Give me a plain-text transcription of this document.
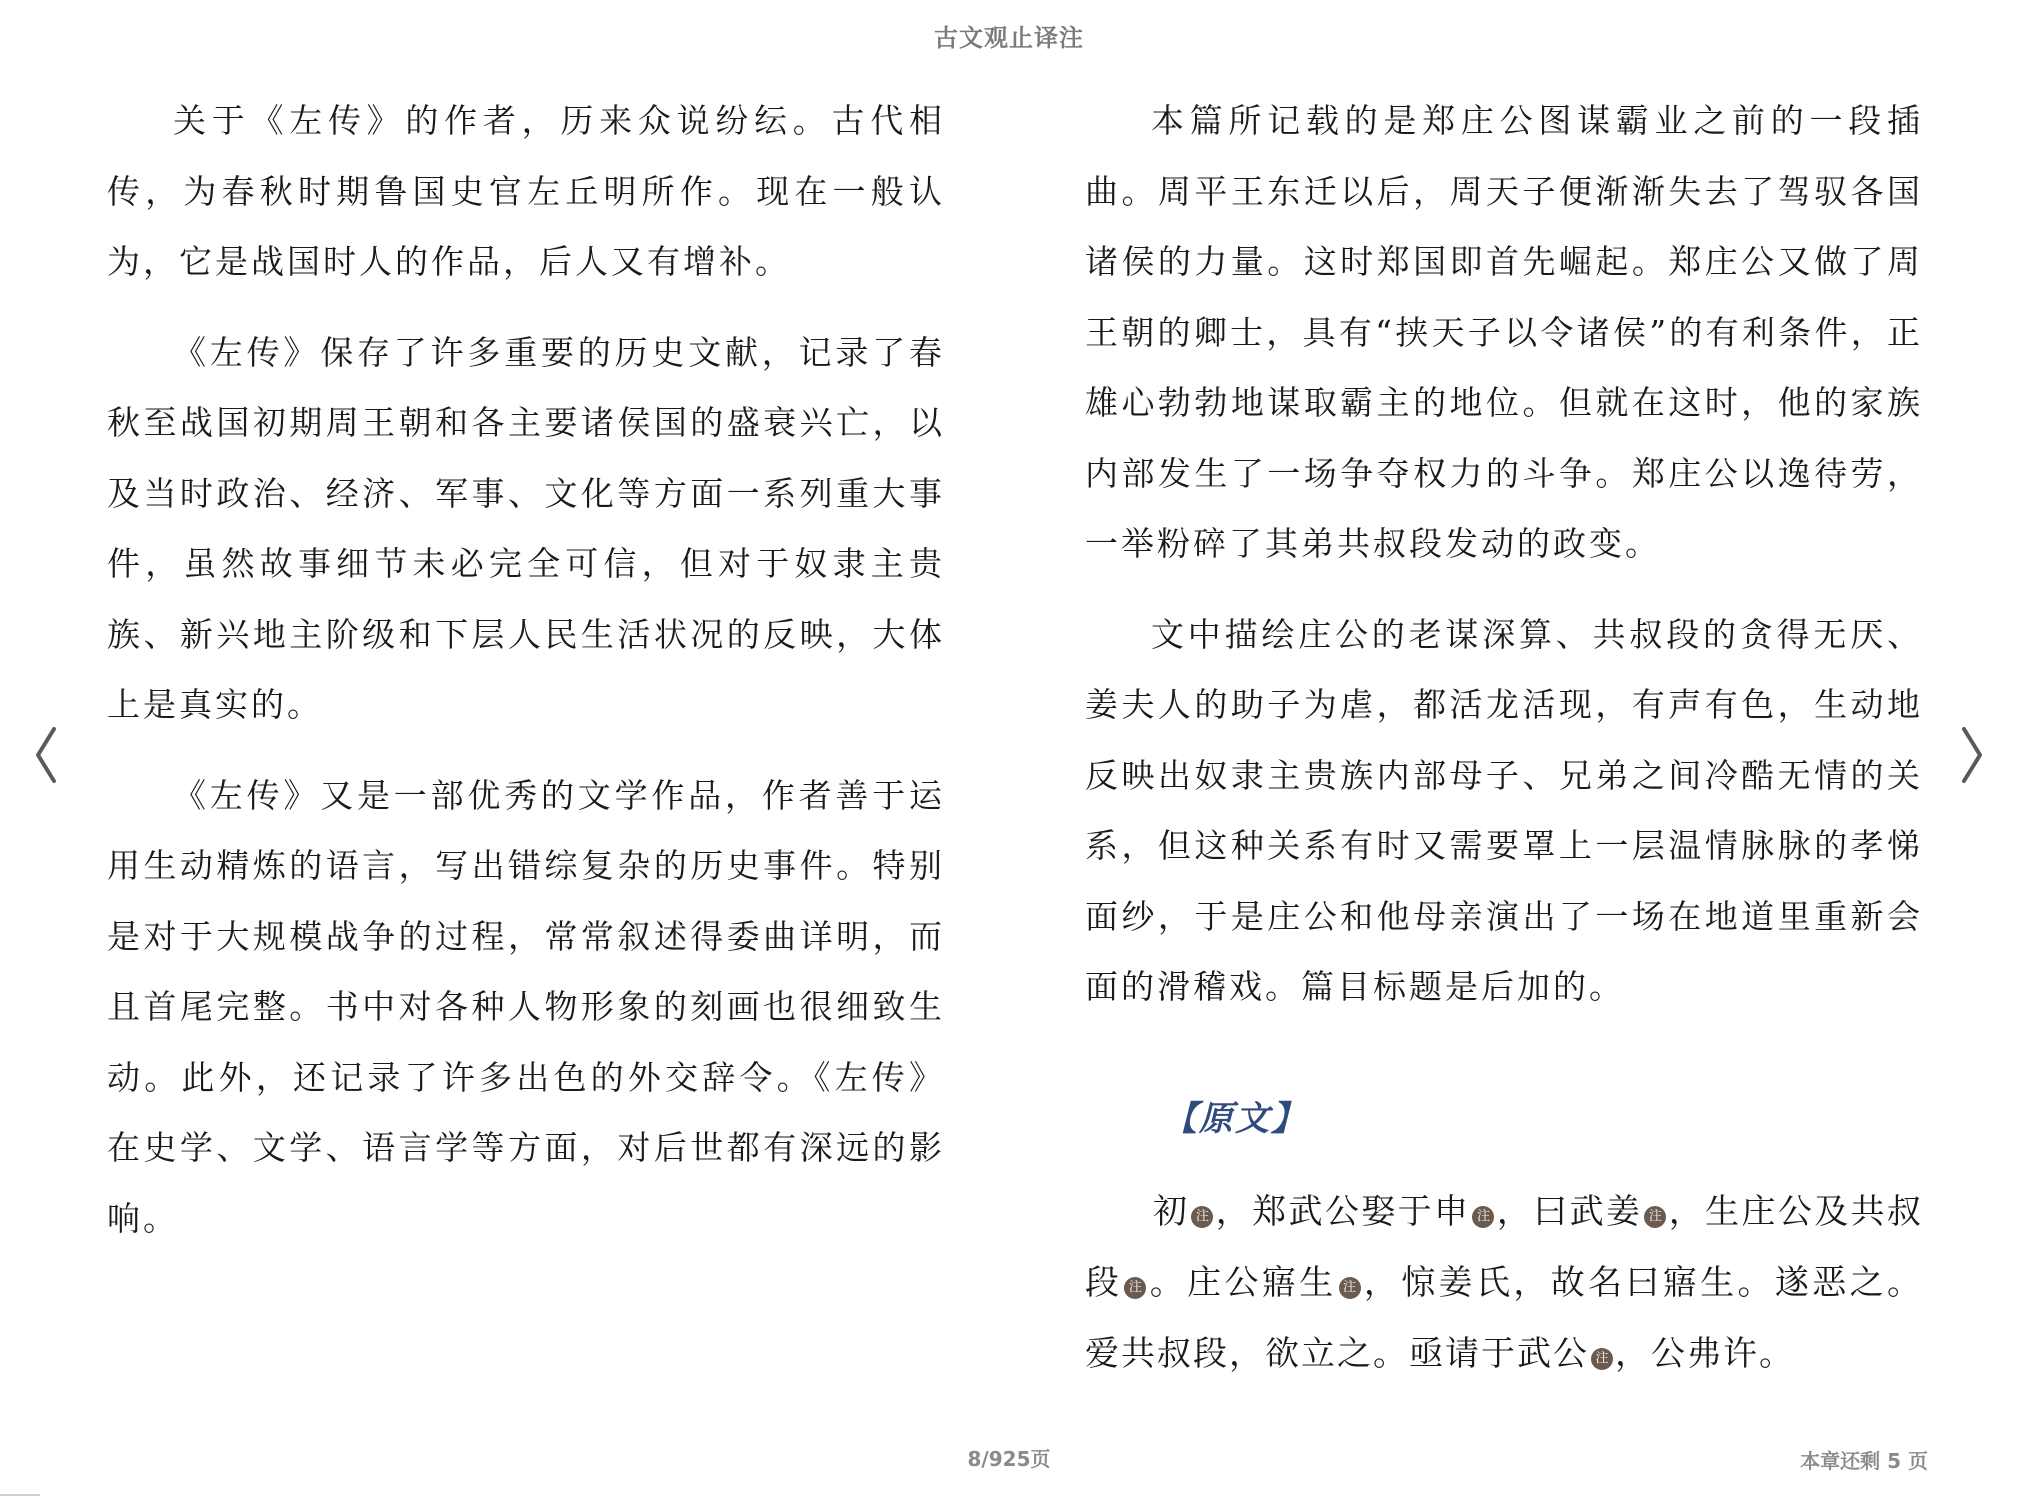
古文观止译注

关于《左传》的作者，历来众说纷纭。古代相传，为春秋时期鲁国史官左丘明所作。现在一般认为，它是战国时人的作品，后人又有增补。

《左传》保存了许多重要的历史文献，记录了春秋至战国初期周王朝和各主要诸侯国的盛衰兴亡，以及当时政治、经济、军事、文化等方面一系列重大事件，虽然故事细节未必完全可信，但对于奴隶主贵族、新兴地主阶级和下层人民生活状况的反映，大体上是真实的。

《左传》又是一部优秀的文学作品，作者善于运用生动精炼的语言，写出错综复杂的历史事件。特别是对于大规模战争的过程，常常叙述得委曲详明，而且首尾完整。书中对各种人物形象的刻画也很细致生动。此外，还记录了许多出色的外交辞令。《左传》在史学、文学、语言学等方面，对后世都有深远的影响。

本篇所记载的是郑庄公图谋霸业之前的一段插曲。周平王东迁以后，周天子便渐渐失去了驾驭各国诸侯的力量。这时郑国即首先崛起。郑庄公又做了周王朝的卿士，具有“挟天子以令诸侯”的有利条件，正雄心勃勃地谋取霸主的地位。但就在这时，他的家族内部发生了一场争夺权力的斗争。郑庄公以逸待劳，一举粉碎了其弟共叔段发动的政变。

文中描绘庄公的老谋深算、共叔段的贪得无厌、姜夫人的助子为虐，都活龙活现，有声有色，生动地反映出奴隶主贵族内部母子、兄弟之间冷酷无情的关系，但这种关系有时又需要罩上一层温情脉脉的孝悌面纱，于是庄公和他母亲演出了一场在地道里重新会面的滑稽戏。篇目标题是后加的。

【原文】

初 注 ，郑武公娶于申 注 ，曰武姜 注 ，生庄公及共叔段 注 。庄公寤生 注 ，惊姜氏，故名曰寤生。遂恶之。爱共叔段，欲立之。亟请于武公 注 ，公弗许。

8/925页	本章还剩 5 页
